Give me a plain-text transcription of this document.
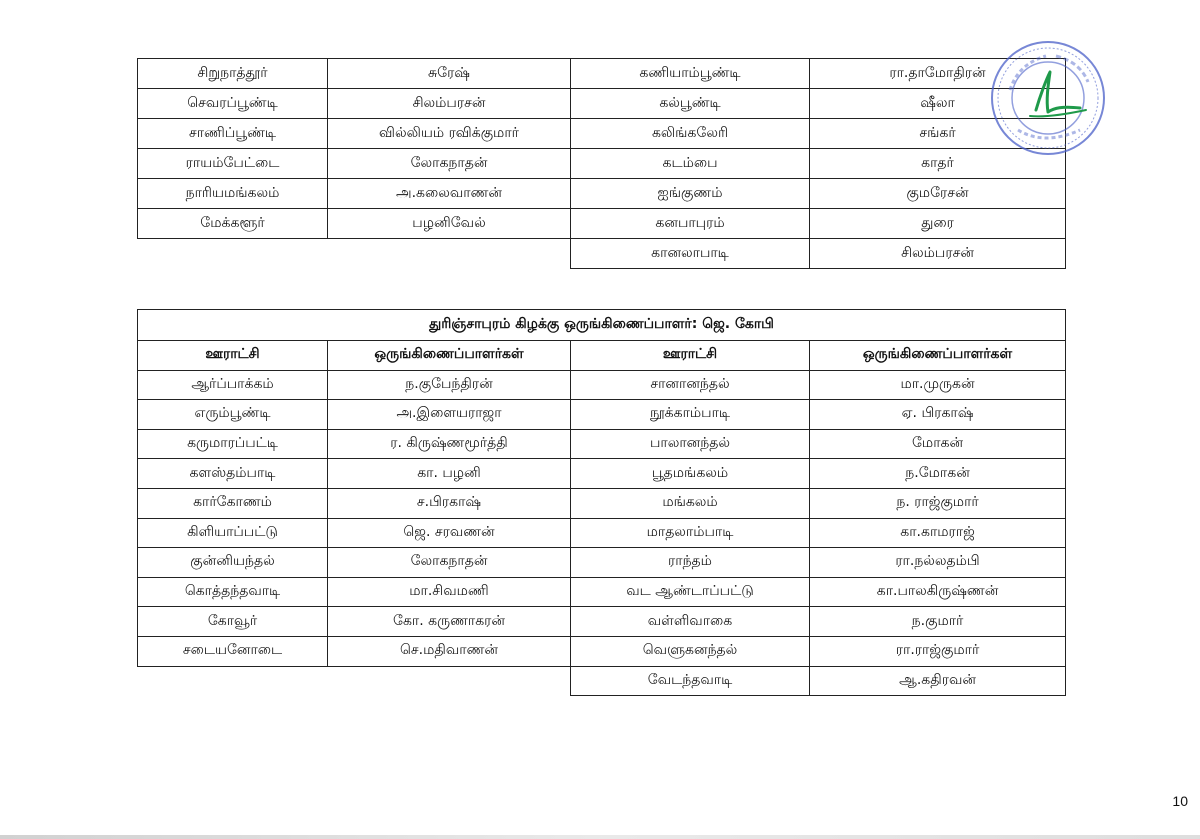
சிறுநாத்தூர்	சுரேஷ்	கணியாம்பூண்டி	ரா.தாமோதிரன்
செவரப்பூண்டி	சிலம்பரசன்	கல்பூண்டி	ஷீலா
சாணிப்பூண்டி	வில்லியம் ரவிக்குமார்	கலிங்கலேரி	சங்கர்
ராயம்பேட்டை	லோகநாதன்	கடம்பை	காதர்
நாரியமங்கலம்	அ.கலைவாணன்	ஐங்குணம்	குமரேசன்
மேக்களூர்	பழனிவேல்	கனபாபுரம்	துரை
		கானலாபாடி	சிலம்பரசன்
துரிஞ்சாபுரம் கிழக்கு ஒருங்கிணைப்பாளர்: ஜெ. கோபி			
ஊராட்சி	ஒருங்கிணைப்பாளர்கள்	ஊராட்சி	ஒருங்கிணைப்பாளர்கள்
ஆர்ப்பாக்கம்	ந.குபேந்திரன்	சானானந்தல்	மா.முருகன்
எரும்பூண்டி	அ.இளையராஜா	நூக்காம்பாடி	ஏ. பிரகாஷ்
கருமாரப்பட்டி	ர. கிருஷ்ணமூர்த்தி	பாலானந்தல்	மோகன்
களஸ்தம்பாடி	கா. பழனி	பூதமங்கலம்	ந.மோகன்
கார்கோணம்	ச.பிரகாஷ்	மங்கலம்	ந. ராஜ்குமார்
கிளியாப்பட்டு	ஜெ. சரவணன்	மாதலாம்பாடி	கா.காமராஜ்
குன்னியந்தல்	லோகநாதன்	ராந்தம்	ரா.நல்லதம்பி
கொத்தந்தவாடி	மா.சிவமணி	வட ஆண்டாப்பட்டு	கா.பாலகிருஷ்ணன்
கோவூர்	கோ. கருணாகரன்	வள்ளிவாகை	ந.குமார்
சடையனோடை	செ.மதிவாணன்	வெளுகனந்தல்	ரா.ராஜ்குமார்
		வேடந்தவாடி	ஆ.கதிரவன்
10
